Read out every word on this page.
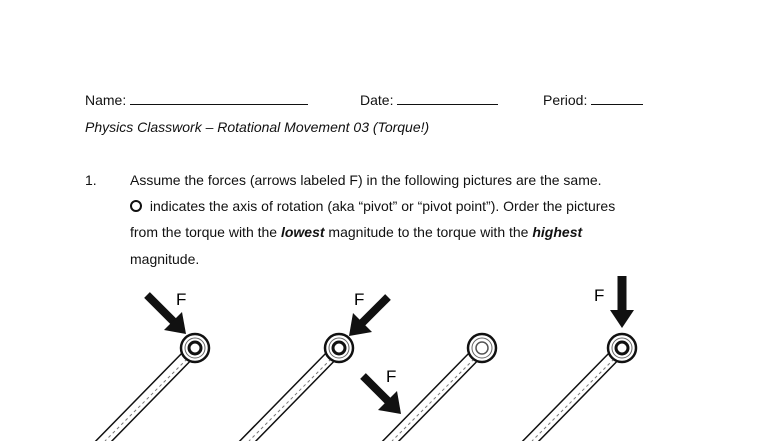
Name:	Date:	Period:
Physics Classwork – Rotational Movement 03 (Torque!)
1. Assume the forces (arrows labeled F) in the following pictures are the same.
indicates the axis of rotation (aka “pivot” or “pivot point”). Order the pictures
from the torque with the lowest magnitude to the torque with the highest
magnitude.
F	F
F
F
